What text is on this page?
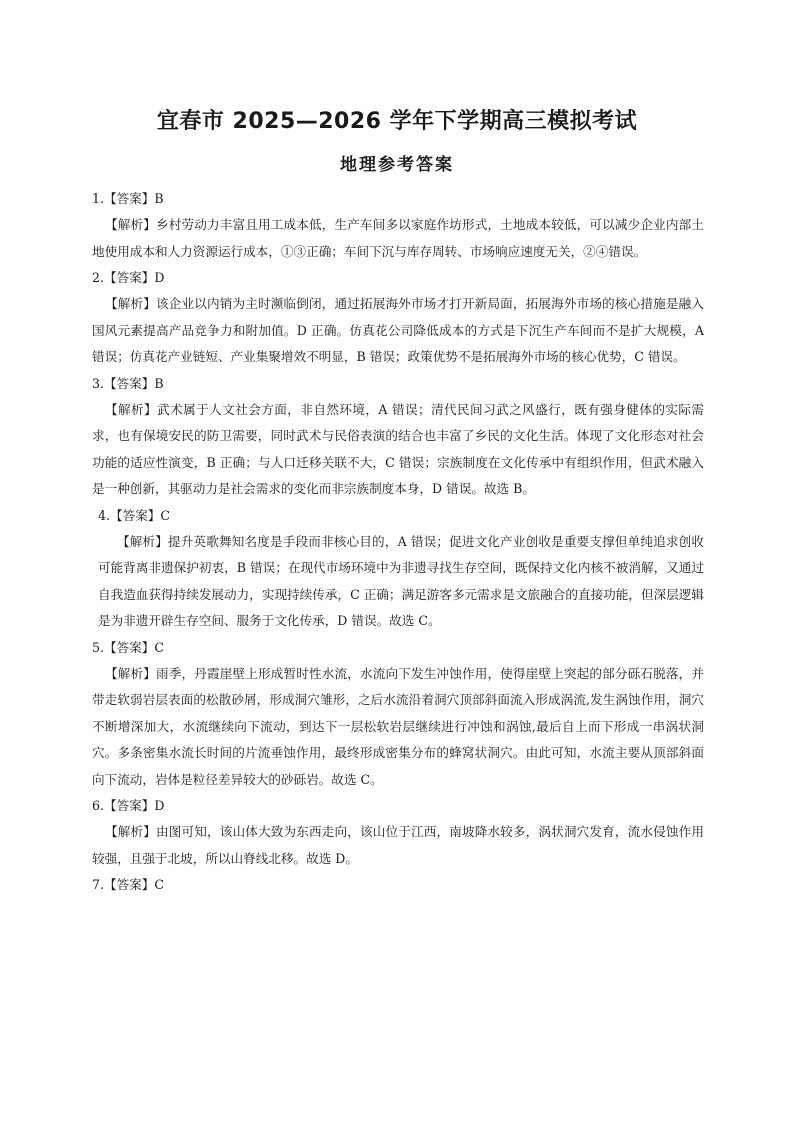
宜春市 2025—2026 学年下学期高三模拟考试
地理参考答案
1.【答案】B

【解析】乡村劳动力丰富且用工成本低，生产车间多以家庭作坊形式，土地成本较低，可以减少企业内部土地使用成本和人力资源运行成本，①③正确；车间下沉与库存周转、市场响应速度无关，②④错误。

2.【答案】D

【解析】该企业以内销为主时濒临倒闭，通过拓展海外市场才打开新局面，拓展海外市场的核心措施是融入国风元素提高产品竞争力和附加值。D 正确。仿真花公司降低成本的方式是下沉生产车间而不是扩大规模，A 错误；仿真花产业链短、产业集聚增效不明显，B 错误；政策优势不是拓展海外市场的核心优势，C 错误。

3.【答案】B

【解析】武术属于人文社会方面，非自然环境，A 错误；清代民间习武之风盛行，既有强身健体的实际需求，也有保境安民的防卫需要，同时武术与民俗表演的结合也丰富了乡民的文化生活。体现了文化形态对社会功能的适应性演变，B 正确；与人口迁移关联不大，C 错误；宗族制度在文化传承中有组织作用，但武术融入是一种创新，其驱动力是社会需求的变化而非宗族制度本身，D 错误。故选 B。

4.【答案】C

【解析】提升英歌舞知名度是手段而非核心目的，A 错误；促进文化产业创收是重要支撑但单纯追求创收可能背离非遗保护初衷，B 错误；在现代市场环境中为非遗寻找生存空间，既保持文化内核不被消解，又通过自我造血获得持续发展动力，实现持续传承，C 正确；满足游客多元需求是文旅融合的直接功能，但深层逻辑是为非遗开辟生存空间、服务于文化传承，D 错误。故选 C。

5.【答案】C

【解析】雨季，丹霞崖壁上形成暂时性水流，水流向下发生冲蚀作用，使得崖壁上突起的部分砾石脱落，并带走软弱岩层表面的松散砂屑，形成洞穴雏形，之后水流沿着洞穴顶部斜面流入形成涡流,发生涡蚀作用，洞穴不断增深加大，水流继续向下流动，到达下一层松软岩层继续进行冲蚀和涡蚀,最后自上而下形成一串涡状洞穴。多条密集水流长时间的片流垂蚀作用，最终形成密集分布的蜂窝状洞穴。由此可知，水流主要从顶部斜面向下流动，岩体是粒径差异较大的砂砾岩。故选 C。

6.【答案】D

【解析】由图可知，该山体大致为东西走向，该山位于江西，南坡降水较多，涡状洞穴发育，流水侵蚀作用较强，且强于北坡，所以山脊线北移。故选 D。

7.【答案】C
